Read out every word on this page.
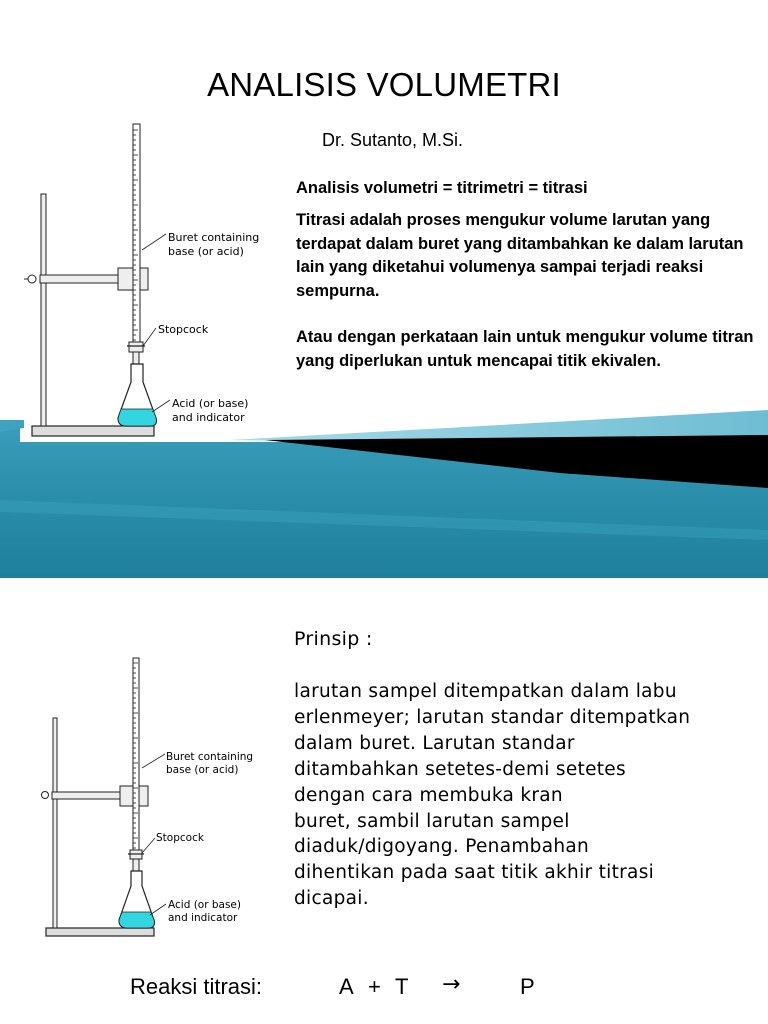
ANALISIS VOLUMETRI
Dr. Sutanto, M.Si.
Analisis volumetri = titrimetri = titrasi
Titrasi adalah proses mengukur volume larutan yang terdapat dalam buret yang ditambahkan ke dalam larutan lain yang diketahui volumenya sampai terjadi reaksi sempurna.
Atau dengan perkataan lain untuk mengukur volume titran yang diperlukan untuk mencapai titik ekivalen.
Buret containing
base (or acid)
Stopcock
Acid (or base)
and indicator
Buret containing
base (or acid)
Stopcock
Acid (or base)
and indicator
Prinsip :
larutan sampel ditempatkan dalam labu
erlenmeyer; larutan standar ditempatkan
dalam buret. Larutan standar
ditambahkan setetes-demi setetes
dengan cara membuka kran
buret, sambil larutan sampel
diaduk/digoyang. Penambahan
dihentikan pada saat titik akhir titrasi
dicapai.
Reaksi titrasi:	A + T →	P
